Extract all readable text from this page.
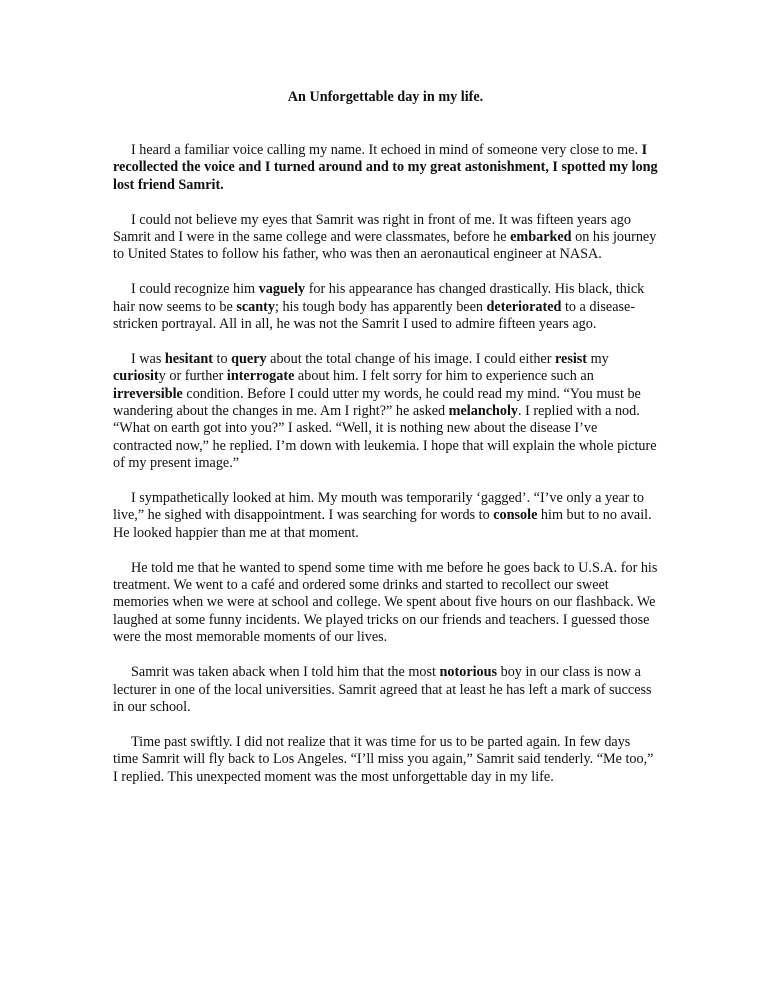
An Unforgettable day in my life.

I heard a familiar voice calling my name. It echoed in mind of someone very close to me. I recollected the voice and I turned around and to my great astonishment, I spotted my long lost friend Samrit.

I could not believe my eyes that Samrit was right in front of me. It was fifteen years ago Samrit and I were in the same college and were classmates, before he embarked on his journey to United States to follow his father, who was then an aeronautical engineer at NASA.

I could recognize him vaguely for his appearance has changed drastically. His black, thick hair now seems to be scanty; his tough body has apparently been deteriorated to a disease-stricken portrayal. All in all, he was not the Samrit I used to admire fifteen years ago.

I was hesitant to query about the total change of his image. I could either resist my curiosity or further interrogate about him. I felt sorry for him to experience such an irreversible condition. Before I could utter my words, he could read my mind. “You must be wandering about the changes in me. Am I right?” he asked melancholy. I replied with a nod. “What on earth got into you?” I asked. “Well, it is nothing new about the disease I’ve contracted now,” he replied. I’m down with leukemia. I hope that will explain the whole picture of my present image.”

I sympathetically looked at him. My mouth was temporarily ‘gagged’. “I’ve only a year to live,” he sighed with disappointment. I was searching for words to console him but to no avail. He looked happier than me at that moment.

He told me that he wanted to spend some time with me before he goes back to U.S.A. for his treatment. We went to a café and ordered some drinks and started to recollect our sweet memories when we were at school and college. We spent about five hours on our flashback. We laughed at some funny incidents. We played tricks on our friends and teachers. I guessed those were the most memorable moments of our lives.

Samrit was taken aback when I told him that the most notorious boy in our class is now a lecturer in one of the local universities. Samrit agreed that at least he has left a mark of success in our school.

Time past swiftly. I did not realize that it was time for us to be parted again. In few days time Samrit will fly back to Los Angeles. “I’ll miss you again,” Samrit said tenderly. “Me too,” I replied. This unexpected moment was the most unforgettable day in my life.
